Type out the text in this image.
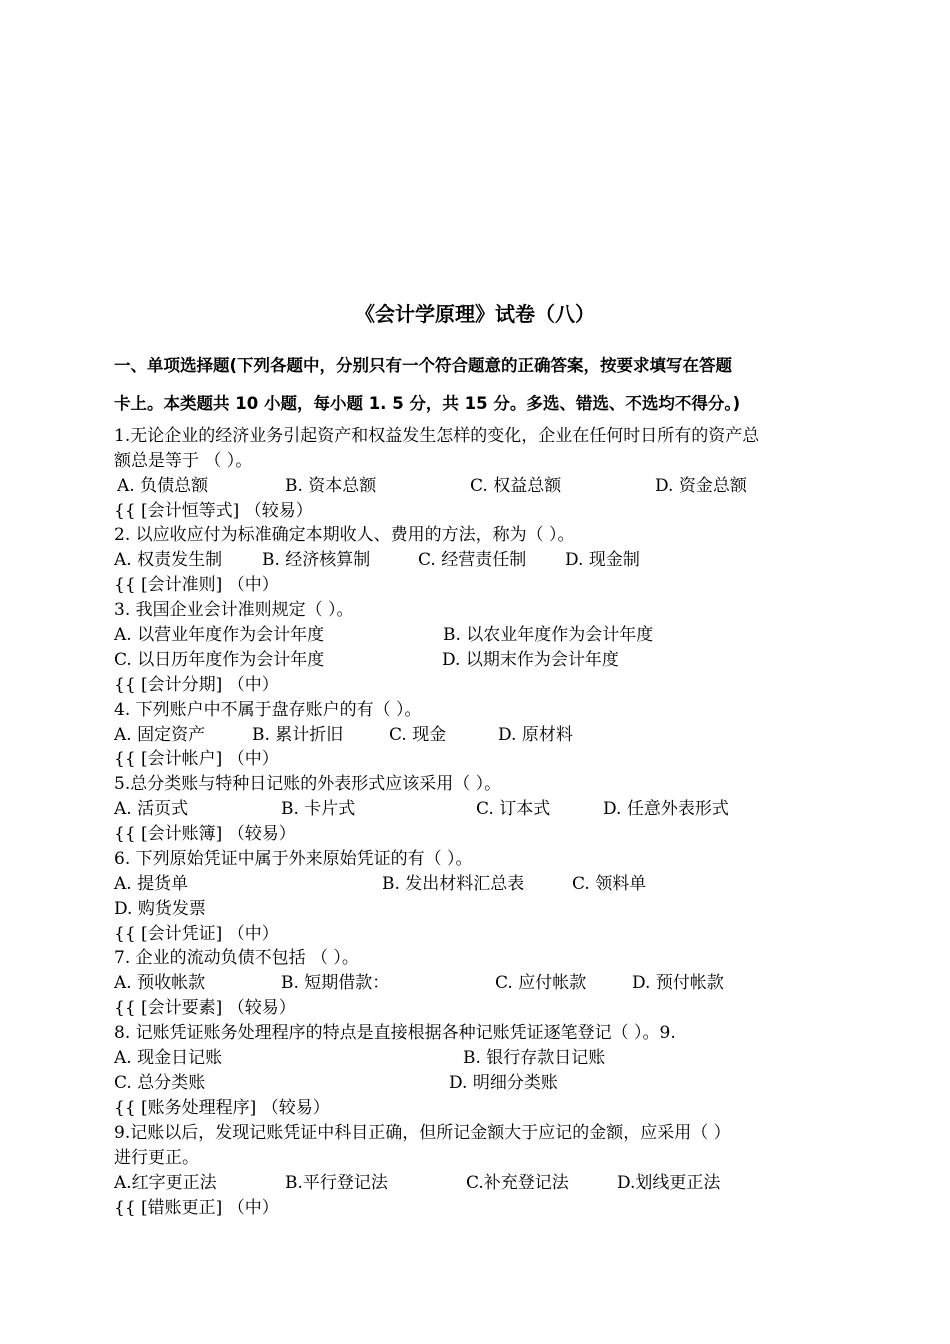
《会计学原理》试卷（八）
一、单项选择题(下列各题中，分别只有一个符合题意的正确答案，按要求填写在答题
卡上。本类题共 10 小题，每小题 1. 5 分，共 15 分。多选、错选、不选均不得分。)
1.无论企业的经济业务引起资产和权益发生怎样的变化，企业在任何时日所有的资产总
额总是等于 （ ）。
A. 负债总额	B. 资本总额	C. 权益总额	D. 资金总额
{{ [会计恒等式] （较易）
2. 以应收应付为标准确定本期收人、费用的方法，称为（ ）。
A. 权责发生制 B. 经济核算制	C. 经营责任制 D. 现金制
{{ [会计准则] （中）
3. 我国企业会计准则规定（ ）。
A. 以营业年度作为会计年度	B. 以农业年度作为会计年度
C. 以日历年度作为会计年度	D. 以期末作为会计年度
{{ [会计分期] （中）
4. 下列账户中不属于盘存账户的有（ ）。
A. 固定资产	B. 累计折旧	C. 现金	D. 原材料
{{ [会计帐户] （中）
5.总分类账与特种日记账的外表形式应该采用（ ）。
A. 活页式	B. 卡片式	C. 订本式	D. 任意外表形式
{{ [会计账簿] （较易）
6. 下列原始凭证中属于外来原始凭证的有（ ）。
A. 提货单	B. 发出材料汇总表	C. 领料单
D. 购货发票
{{ [会计凭证] （中）
7. 企业的流动负债不包括 （ ）。
A. 预收帐款	B. 短期借款：	C. 应付帐款	D. 预付帐款
{{ [会计要素] （较易）
8. 记账凭证账务处理程序的特点是直接根据各种记账凭证逐笔登记（ ）。9.
A. 现金日记账	B. 银行存款日记账
C. 总分类账	D. 明细分类账
{{ [账务处理程序] （较易）
9.记账以后，发现记账凭证中科目正确，但所记金额大于应记的金额，应采用（ ）
进行更正。
A.红字更正法	B.平行登记法	C.补充登记法	D.划线更正法
{{ [错账更正] （中）
